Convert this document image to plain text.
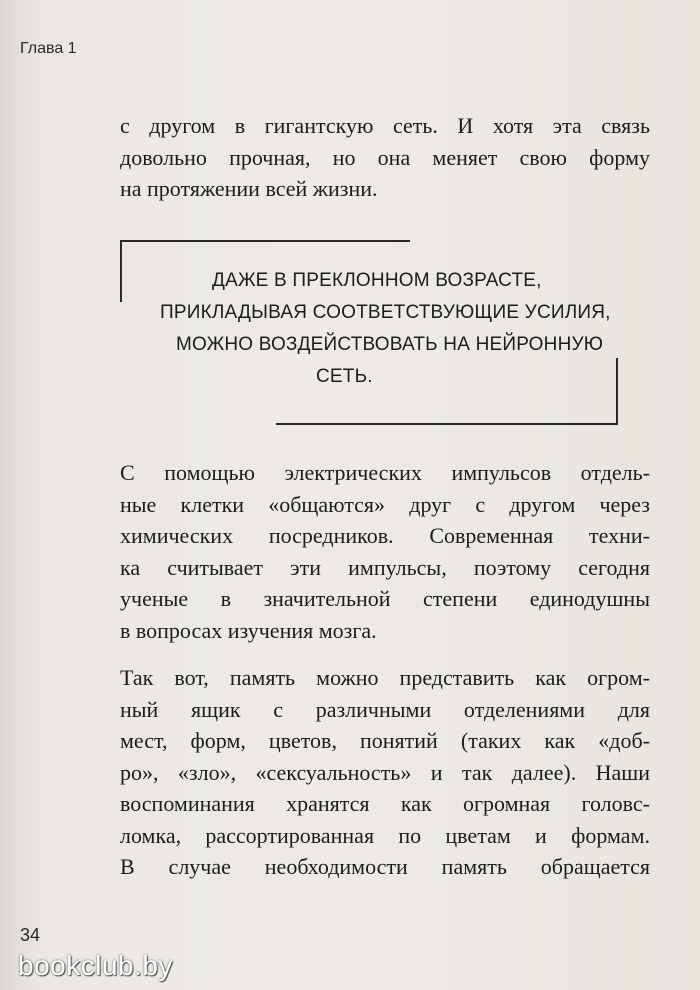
Глава 1
с другом в гигантскую сеть. И хотя эта связь
довольно прочная, но она меняет свою форму
на протяжении всей жизни.
ДАЖЕ В ПРЕКЛОННОМ ВОЗРАСТЕ,
ПРИКЛАДЫВАЯ СООТВЕТСТВУЮЩИЕ УСИЛИЯ,
МОЖНО ВОЗДЕЙСТВОВАТЬ НА НЕЙРОННУЮ
СЕТЬ.
С помощью электрических импульсов отдель-
ные клетки «общаются» друг с другом через
химических посредников. Современная техни-
ка считывает эти импульсы, поэтому сегодня
ученые в значительной степени единодушны
в вопросах изучения мозга.
Так вот, память можно представить как огром-
ный ящик с различными отделениями для
мест, форм, цветов, понятий (таких как «доб-
ро», «зло», «сексуальность» и так далее). Наши
воспоминания хранятся как огромная головс-
ломка, рассортированная по цветам и формам.
В случае необходимости память обращается
34
bookclub.by
